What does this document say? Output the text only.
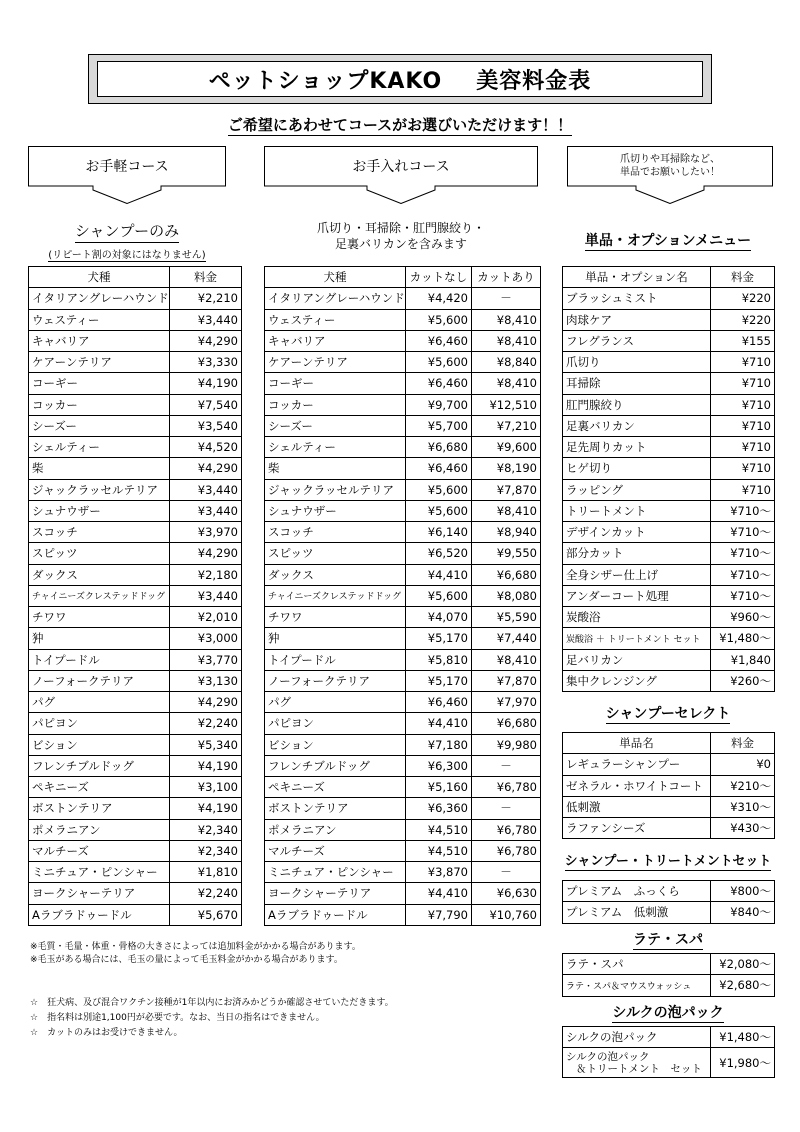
ペットショップKAKO 美容料金表
ご希望にあわせてコースがお選びいただけます！！
お手軽コース	お手入れコース	爪切りや耳掃除など、
単品でお願いしたい！
シャンプーのみ
(リピート割の対象にはなりません)
爪切り・耳掃除・肛門腺絞り・
足裏バリカンを含みます	単品・オプションメニュー
犬種	料金
イタリアングレーハウンド	¥2,210
ウェスティー	¥3,440
キャバリア	¥4,290
ケアーンテリア	¥3,330
コーギー	¥4,190
コッカー	¥7,540
シーズー	¥3,540
シェルティー	¥4,520
柴	¥4,290
ジャックラッセルテリア	¥3,440
シュナウザー	¥3,440
スコッチ	¥3,970
スピッツ	¥4,290
ダックス	¥2,180
チャイニーズクレステッドドッグ	¥3,440
チワワ	¥2,010
狆	¥3,000
トイプードル	¥3,770
ノーフォークテリア	¥3,130
パグ	¥4,290
パピヨン	¥2,240
ビション	¥5,340
フレンチブルドッグ	¥4,190
ペキニーズ	¥3,100
ボストンテリア	¥4,190
ポメラニアン	¥2,340
マルチーズ	¥2,340
ミニチュア・ピンシャー	¥1,810
ヨークシャーテリア	¥2,240
Aラブラドゥードル	¥5,670
犬種	カットなし	カットあり
イタリアングレーハウンド	¥4,420	－
ウェスティー	¥5,600	¥8,410
キャバリア	¥6,460	¥8,410
ケアーンテリア	¥5,600	¥8,840
コーギー	¥6,460	¥8,410
コッカー	¥9,700	¥12,510
シーズー	¥5,700	¥7,210
シェルティー	¥6,680	¥9,600
柴	¥6,460	¥8,190
ジャックラッセルテリア	¥5,600	¥7,870
シュナウザー	¥5,600	¥8,410
スコッチ	¥6,140	¥8,940
スピッツ	¥6,520	¥9,550
ダックス	¥4,410	¥6,680
チャイニーズクレステッドドッグ	¥5,600	¥8,080
チワワ	¥4,070	¥5,590
狆	¥5,170	¥7,440
トイプードル	¥5,810	¥8,410
ノーフォークテリア	¥5,170	¥7,870
パグ	¥6,460	¥7,970
パピヨン	¥4,410	¥6,680
ビション	¥7,180	¥9,980
フレンチブルドッグ	¥6,300	－
ペキニーズ	¥5,160	¥6,780
ボストンテリア	¥6,360	－
ポメラニアン	¥4,510	¥6,780
マルチーズ	¥4,510	¥6,780
ミニチュア・ピンシャー	¥3,870	－
ヨークシャーテリア	¥4,410	¥6,630
Aラブラドゥードル	¥7,790	¥10,760
単品・オプション名	料金
ブラッシュミスト	¥220
肉球ケア	¥220
フレグランス	¥155
爪切り	¥710
耳掃除	¥710
肛門腺絞り	¥710
足裏バリカン	¥710
足先周りカット	¥710
ヒゲ切り	¥710
ラッピング	¥710
トリートメント	¥710～
デザインカット	¥710～
部分カット	¥710～
全身シザー仕上げ	¥710～
アンダーコート処理	¥710～
炭酸浴	¥960～
炭酸浴 ＋ トリートメント セット	¥1,480～
足バリカン	¥1,840
集中クレンジング	¥260～
シャンプーセレクト
単品名	料金
レギュラーシャンプー	¥0
ゼネラル・ホワイトコート	¥210～
低刺激	¥310～
ラファンシーズ	¥430～
シャンプー・トリートメントセット
プレミアム　ふっくら	¥800～
プレミアム　低刺激	¥840～
ラテ・スパ
ラテ・スパ	¥2,080～
ラテ・スパ＆マウスウォッシュ	¥2,680～
シルクの泡パック
シルクの泡パック	¥1,480～

シルクの泡パック
＆トリートメント　セット	¥1,980～
※毛質・毛量・体重・骨格の大きさによっては追加料金がかかる場合があります。
※毛玉がある場合には、毛玉の量によって毛玉料金がかかる場合があります。
☆　狂犬病、及び混合ワクチン接種が1年以内にお済みかどうか確認させていただきます。
☆　指名料は別途1,100円が必要です。なお、当日の指名はできません。
☆　カットのみはお受けできません。
